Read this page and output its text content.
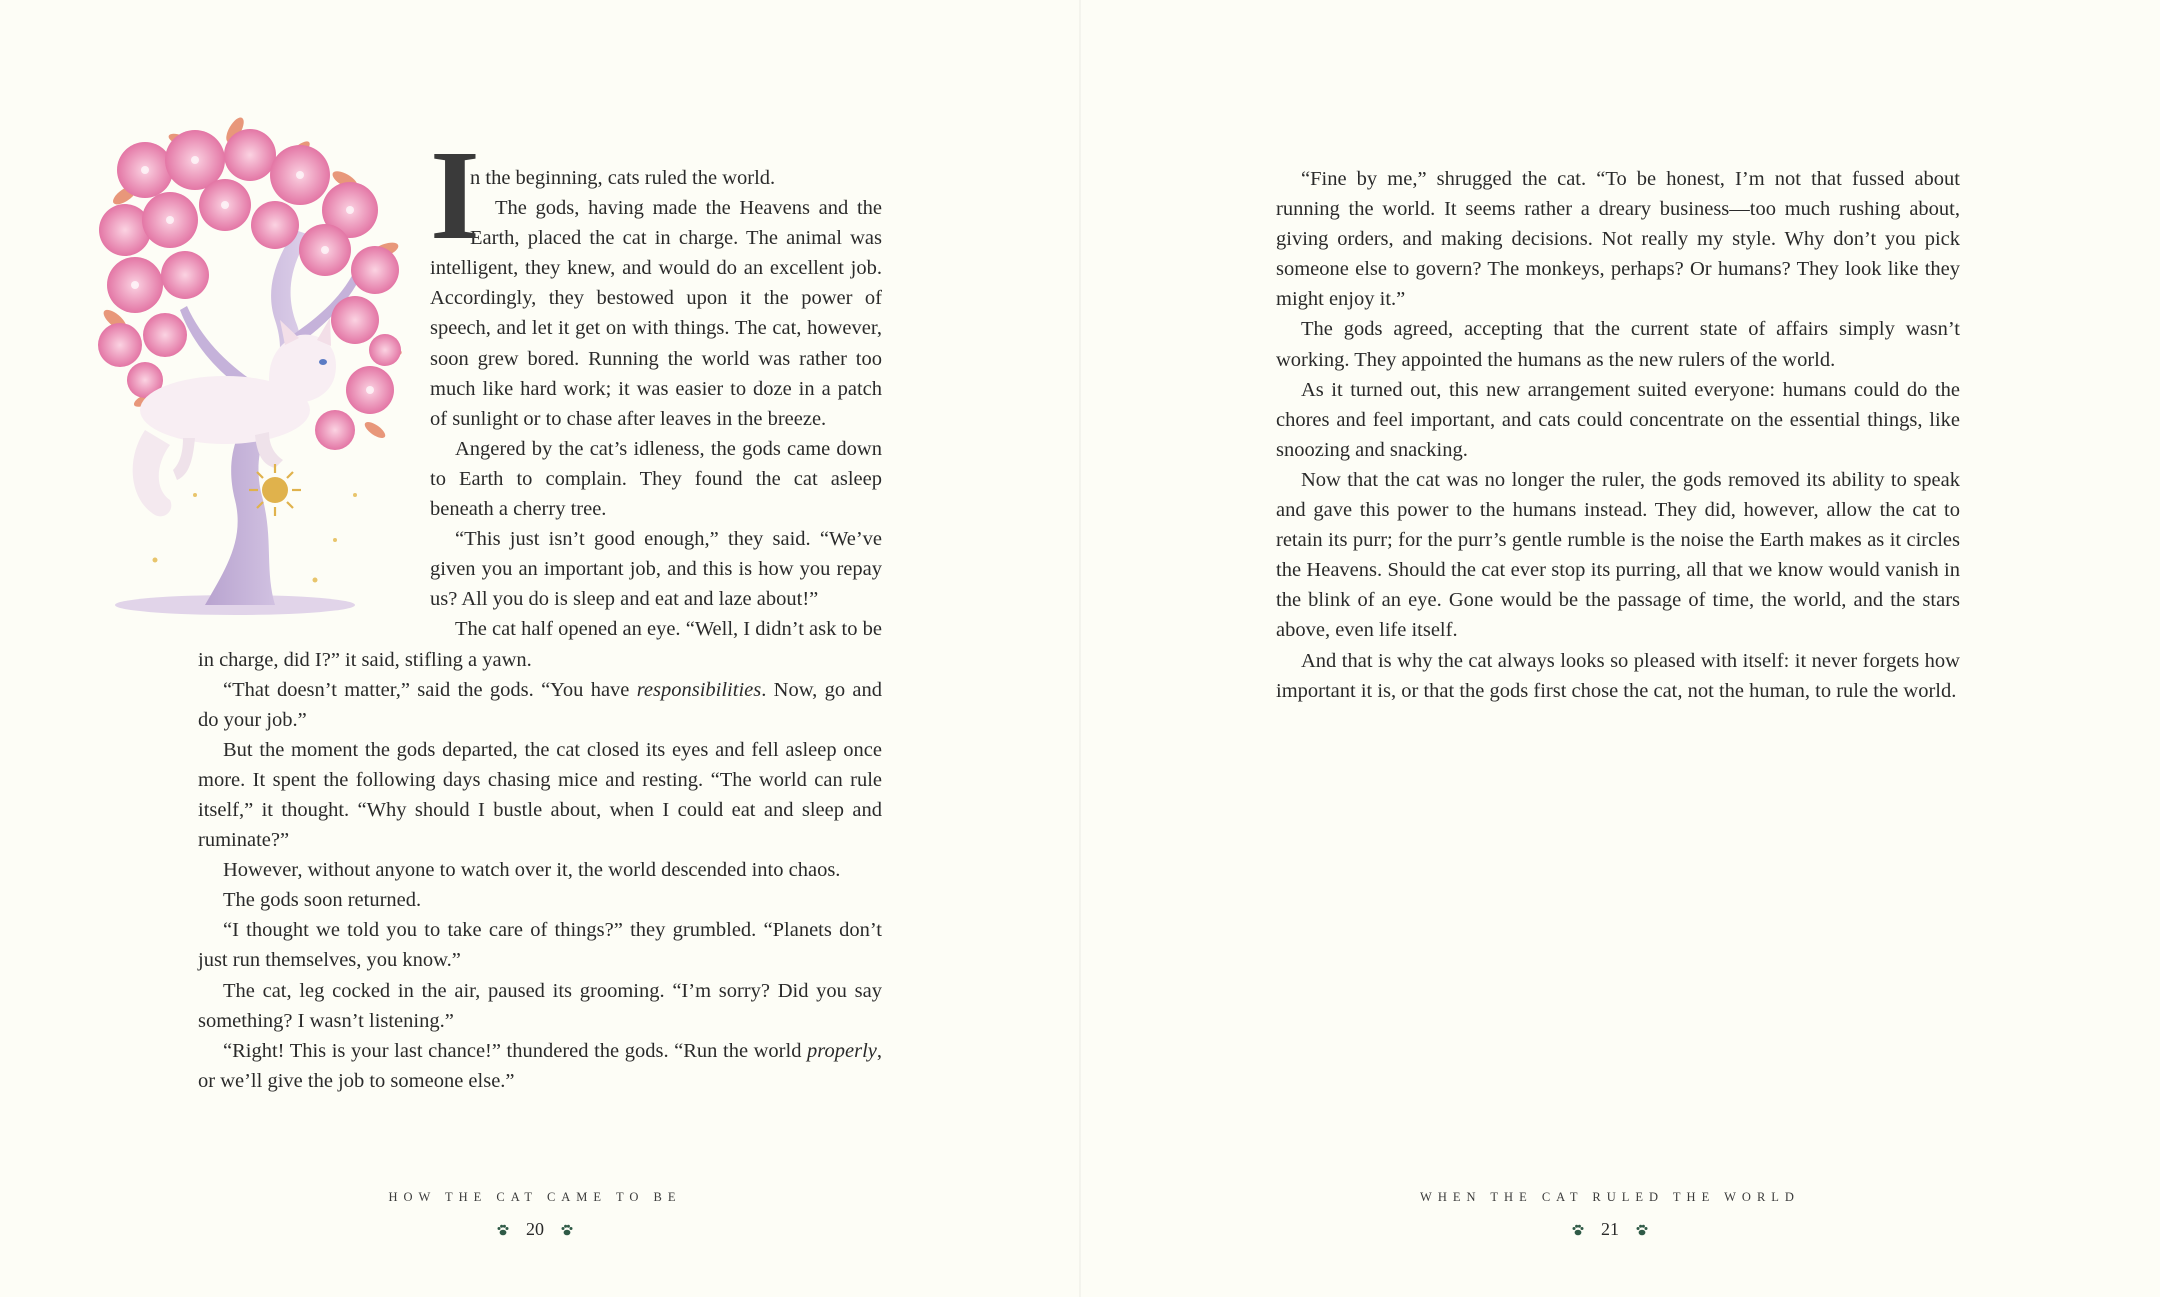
I
n the beginning, cats ruled the world.

The gods, having made the Heavens and the Earth, placed the cat in charge. The animal was intelligent, they knew, and would do an excellent job. Accordingly, they bestowed upon it the power of speech, and let it get on with things. The cat, however, soon grew bored. Running the world was rather too much like hard work; it was easier to doze in a patch of sunlight or to chase after leaves in the breeze.

Angered by the cat’s idleness, the gods came down to Earth to complain. They found the cat asleep beneath a cherry tree.

“This just isn’t good enough,” they said. “We’ve given you an important job, and this is how you repay us? All you do is sleep and eat and laze about!”

The cat half opened an eye. “Well, I didn’t ask to be in charge, did I?” it said, stifling a yawn.

“That doesn’t matter,” said the gods. “You have responsibilities. Now, go and do your job.”

But the moment the gods departed, the cat closed its eyes and fell asleep once more. It spent the following days chasing mice and resting. “The world can rule itself,” it thought. “Why should I bustle about, when I could eat and sleep and ruminate?”

However, without anyone to watch over it, the world descended into chaos.

The gods soon returned.

“I thought we told you to take care of things?” they grumbled. “Planets don’t just run themselves, you know.”

The cat, leg cocked in the air, paused its grooming. “I’m sorry? Did you say something? I wasn’t listening.”

“Right! This is your last chance!” thundered the gods. “Run the world properly, or we’ll give the job to someone else.”

HOW THE CAT CAME TO BE
20
WHEN THE CAT RULED THE WORLD
21

“Fine by me,” shrugged the cat. “To be honest, I’m not that fussed about running the world. It seems rather a dreary business—too much rushing about, giving orders, and making decisions. Not really my style. Why don’t you pick someone else to govern? The monkeys, perhaps? Or humans? They look like they might enjoy it.”

The gods agreed, accepting that the current state of affairs simply wasn’t working. They appointed the humans as the new rulers of the world.

As it turned out, this new arrangement suited everyone: humans could do the chores and feel important, and cats could concentrate on the essential things, like snoozing and snacking.

Now that the cat was no longer the ruler, the gods removed its ability to speak and gave this power to the humans instead. They did, however, allow the cat to retain its purr; for the purr’s gentle rumble is the noise the Earth makes as it circles the Heavens. Should the cat ever stop its purring, all that we know would vanish in the blink of an eye. Gone would be the passage of time, the world, and the stars above, even life itself.

And that is why the cat always looks so pleased with itself: it never forgets how important it is, or that the gods first chose the cat, not the human, to rule the world.
